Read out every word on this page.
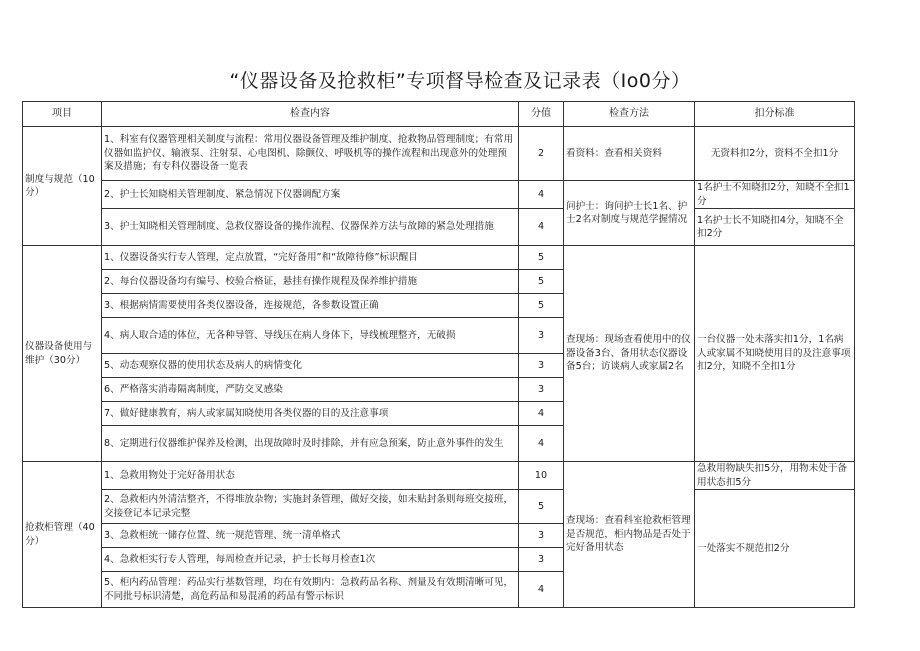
“仪器设备及抢救柜”专项督导检查及记录表（Io0分）
项目	检查内容	分值	检查方法	扣分标准
制度与规范（10分）	1、科室有仪器管理相关制度与流程：常用仪器设备管理及维护制度、抢救物品管理制度；有常用仪器如监护仪、输液泵、注射泵、心电图机、除颤仪、呼吸机等的操作流程和出现意外的处理预案及措施；有专科仪器设备一览表	2	看资料：查看相关资料	无资料扣2分，资料不全扣1分
	2、护士长知晓相关管理制度、紧急情况下仪器调配方案	4	问护士：询问护士长1名、护士2名对制度与规范学握情况	1名护士不知晓扣2分，知晓不全扣1分
	3、护士知晓相关管理制度、急救仪器设备的操作流程、仪器保养方法与故障的紧急处理措施	4		1名护士长不知晓扣4分，知晓不全扣2分
仪器设备使用与维护（30分）	1、仪器设备实行专人管理，定点放置，“完好备用”和“故障待修”标识醒目	5	查现场：现场查看使用中的仪器设备3台、备用状态仪器设备5台；访谈病人或家属2名	一台仪器一处未落实扣1分，1名病人或家属不知晓使用目的及注意事项扣2分，知晓不全扣1分
	2、每台仪器设备均有编号、校验合格证，悬挂有操作规程及保养维护措施	5		
	3、根据病情需要使用各类仪器设备，连接规范，各参数设置正确	5		
	4、病人取合适的体位，无各种导管、导线压在病人身体下，导线梳理整齐，无破损	3		
	5、动态观察仪器的使用状态及病人的病情变化	3		
	6、严格落实消毒隔离制度，严防交叉感染	3		
	7、做好健康教育，病人或家属知晓使用各类仪器的目的及注意事项	4		
	8、定期进行仪器维护保养及检测，出现故障时及时排除，并有应急预案，防止意外事件的发生	4		
抢救柜管理（40分）	1、急救用物处于完好备用状态	10	查现场：查看科室抢救柜管理是否规范，柜内物品是否处于完好备用状态	急救用物缺失扣5分，用物未处于备用状态扣5分
	2、急救柜内外清洁整齐，不得堆放杂物；实施封条管理，做好交接，如未贴封条则每班交接班，交接登记本记录完整	5		一处落实不规范扣2分
	3、急救柜统一储存位置、统一规范管理、统一清单格式	3		
	4、急救柜实行专人管理，每周检查并记录，护士长每月检查1次	3		
	5、柜内药品管理：药品实行基数管理，均在有效期内：急救药品名称、剂量及有效期清晰可见，不同批号标识清楚，高危药品和易混淆的药品有警示标识	4		
